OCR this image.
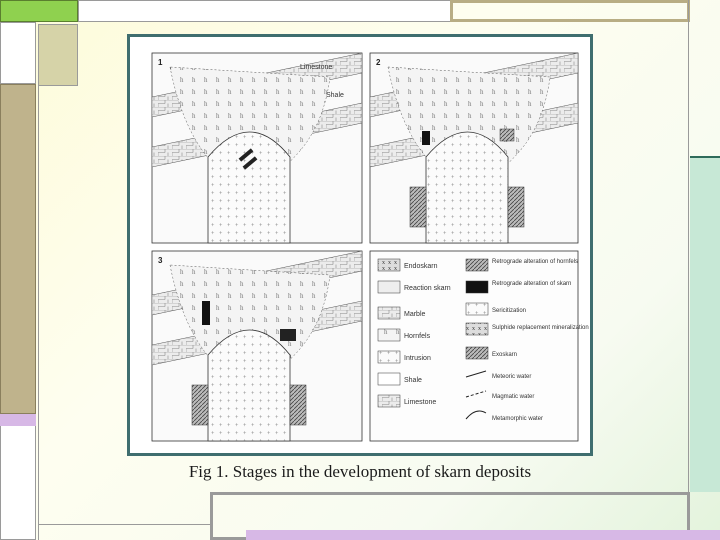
1
Limestone
Shale
2
3
Endoskarn
Reaction skarn
Marble
Hornfels
Intrusion
Shale
Limestone
Retrograde alteration of hornfels
Retrograde alteration of skarn
Sericitization
Sulphide replacement mineralization
Exoskarn
Meteoric water
Magmatic water
Metamorphic water
Fig 1. Stages in the development of skarn deposits
